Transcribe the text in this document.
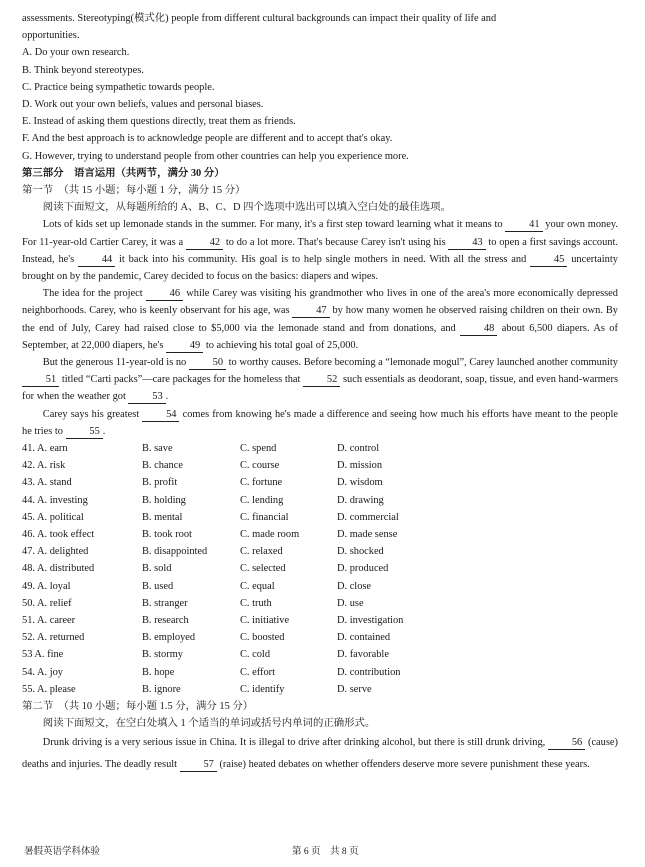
assessments. Stereotyping(模式化) people from different cultural backgrounds can impact their quality of life and

opportunities.

A. Do your own research.

B. Think beyond stereotypes.

C. Practice being sympathetic towards people.

D. Work out your own beliefs, values and personal biases.

E. Instead of asking them questions directly, treat them as friends.

F. And the best approach is to acknowledge people are different and to accept that's okay.

G. However, trying to understand people from other countries can help you experience more.

第三部分　语言运用（共两节，满分 30 分）

第一节　（共 15 小题；每小题 1 分，满分 15 分）

阅读下面短文，从每题所给的 A、B、C、D 四个选项中选出可以填入空白处的最佳选项。

Lots of kids set up lemonade stands in the summer. For many, it's a first step toward learning what it means to	41 your own money. For 11-year-old Cartier Carey, it was a	42 to do a lot more. That's because Carey isn't using his	43 to open a first savings account. Instead, he's	44 it back into his community. His goal is to help single mothers in need. With all the stress and	45 uncertainty brought on by the pandemic, Carey decided to focus on the basics: diapers and wipes.

The idea for the project	46 while Carey was visiting his grandmother who lives in one of the area's more economically depressed neighborhoods. Carey, who is keenly observant for his age, was	47 by how many women he observed raising children on their own. By the end of July, Carey had raised close to $5,000 via the lemonade stand and from donations, and	48 about 6,500 diapers. As of September, at 22,000 diapers, he's	49 to achieving his total goal of 25,000.

But the generous 11-year-old is no	50 to worthy causes. Before becoming a “lemonade mogul”, Carey launched another community 51 titled “Carti packs”—care packages for the homeless that	52 such essentials as deodorant, soap, tissue, and even hand-warmers for when the weather got	53 .

Carey says his greatest	54 comes from knowing he's made a difference and seeing how much his efforts have meant to the people he tries to	55 .

41. A. earn	B. save	C. spend	D. control
42. A. risk	B. chance	C. course	D. mission
43. A. stand	B. profit	C. fortune	D. wisdom
44. A. investing	B. holding	C. lending	D. drawing
45. A. political	B. mental	C. financial	D. commercial
46. A. took effect	B. took root	C. made room	D. made sense
47. A. delighted	B. disappointed	C. relaxed	D. shocked
48. A. distributed	B. sold	C. selected	D. produced
49. A. loyal	B. used	C. equal	D. close
50. A. relief	B. stranger	C. truth	D. use
51. A. career	B. research	C. initiative	D. investigation
52. A. returned	B. employed	C. boosted	D. contained
53 A. fine	B. stormy	C. cold	D. favorable
54. A. joy	B. hope	C. effort	D. contribution
55. A. please	B. ignore	C. identify	D. serve

第二节　（共 10 小题；每小题 1.5 分，满分 15 分）

阅读下面短文，在空白处填入 1 个适当的单词或括号内单词的正确形式。

Drunk driving is a very serious issue in China. It is illegal to drive after drinking alcohol, but there is still drunk driving,	56 (cause) deaths and injuries. The deadly result	57 (raise) heated debates on whether offenders deserve more severe punishment these years.

暑假英语学科体验	第 6 页　共 8 页
